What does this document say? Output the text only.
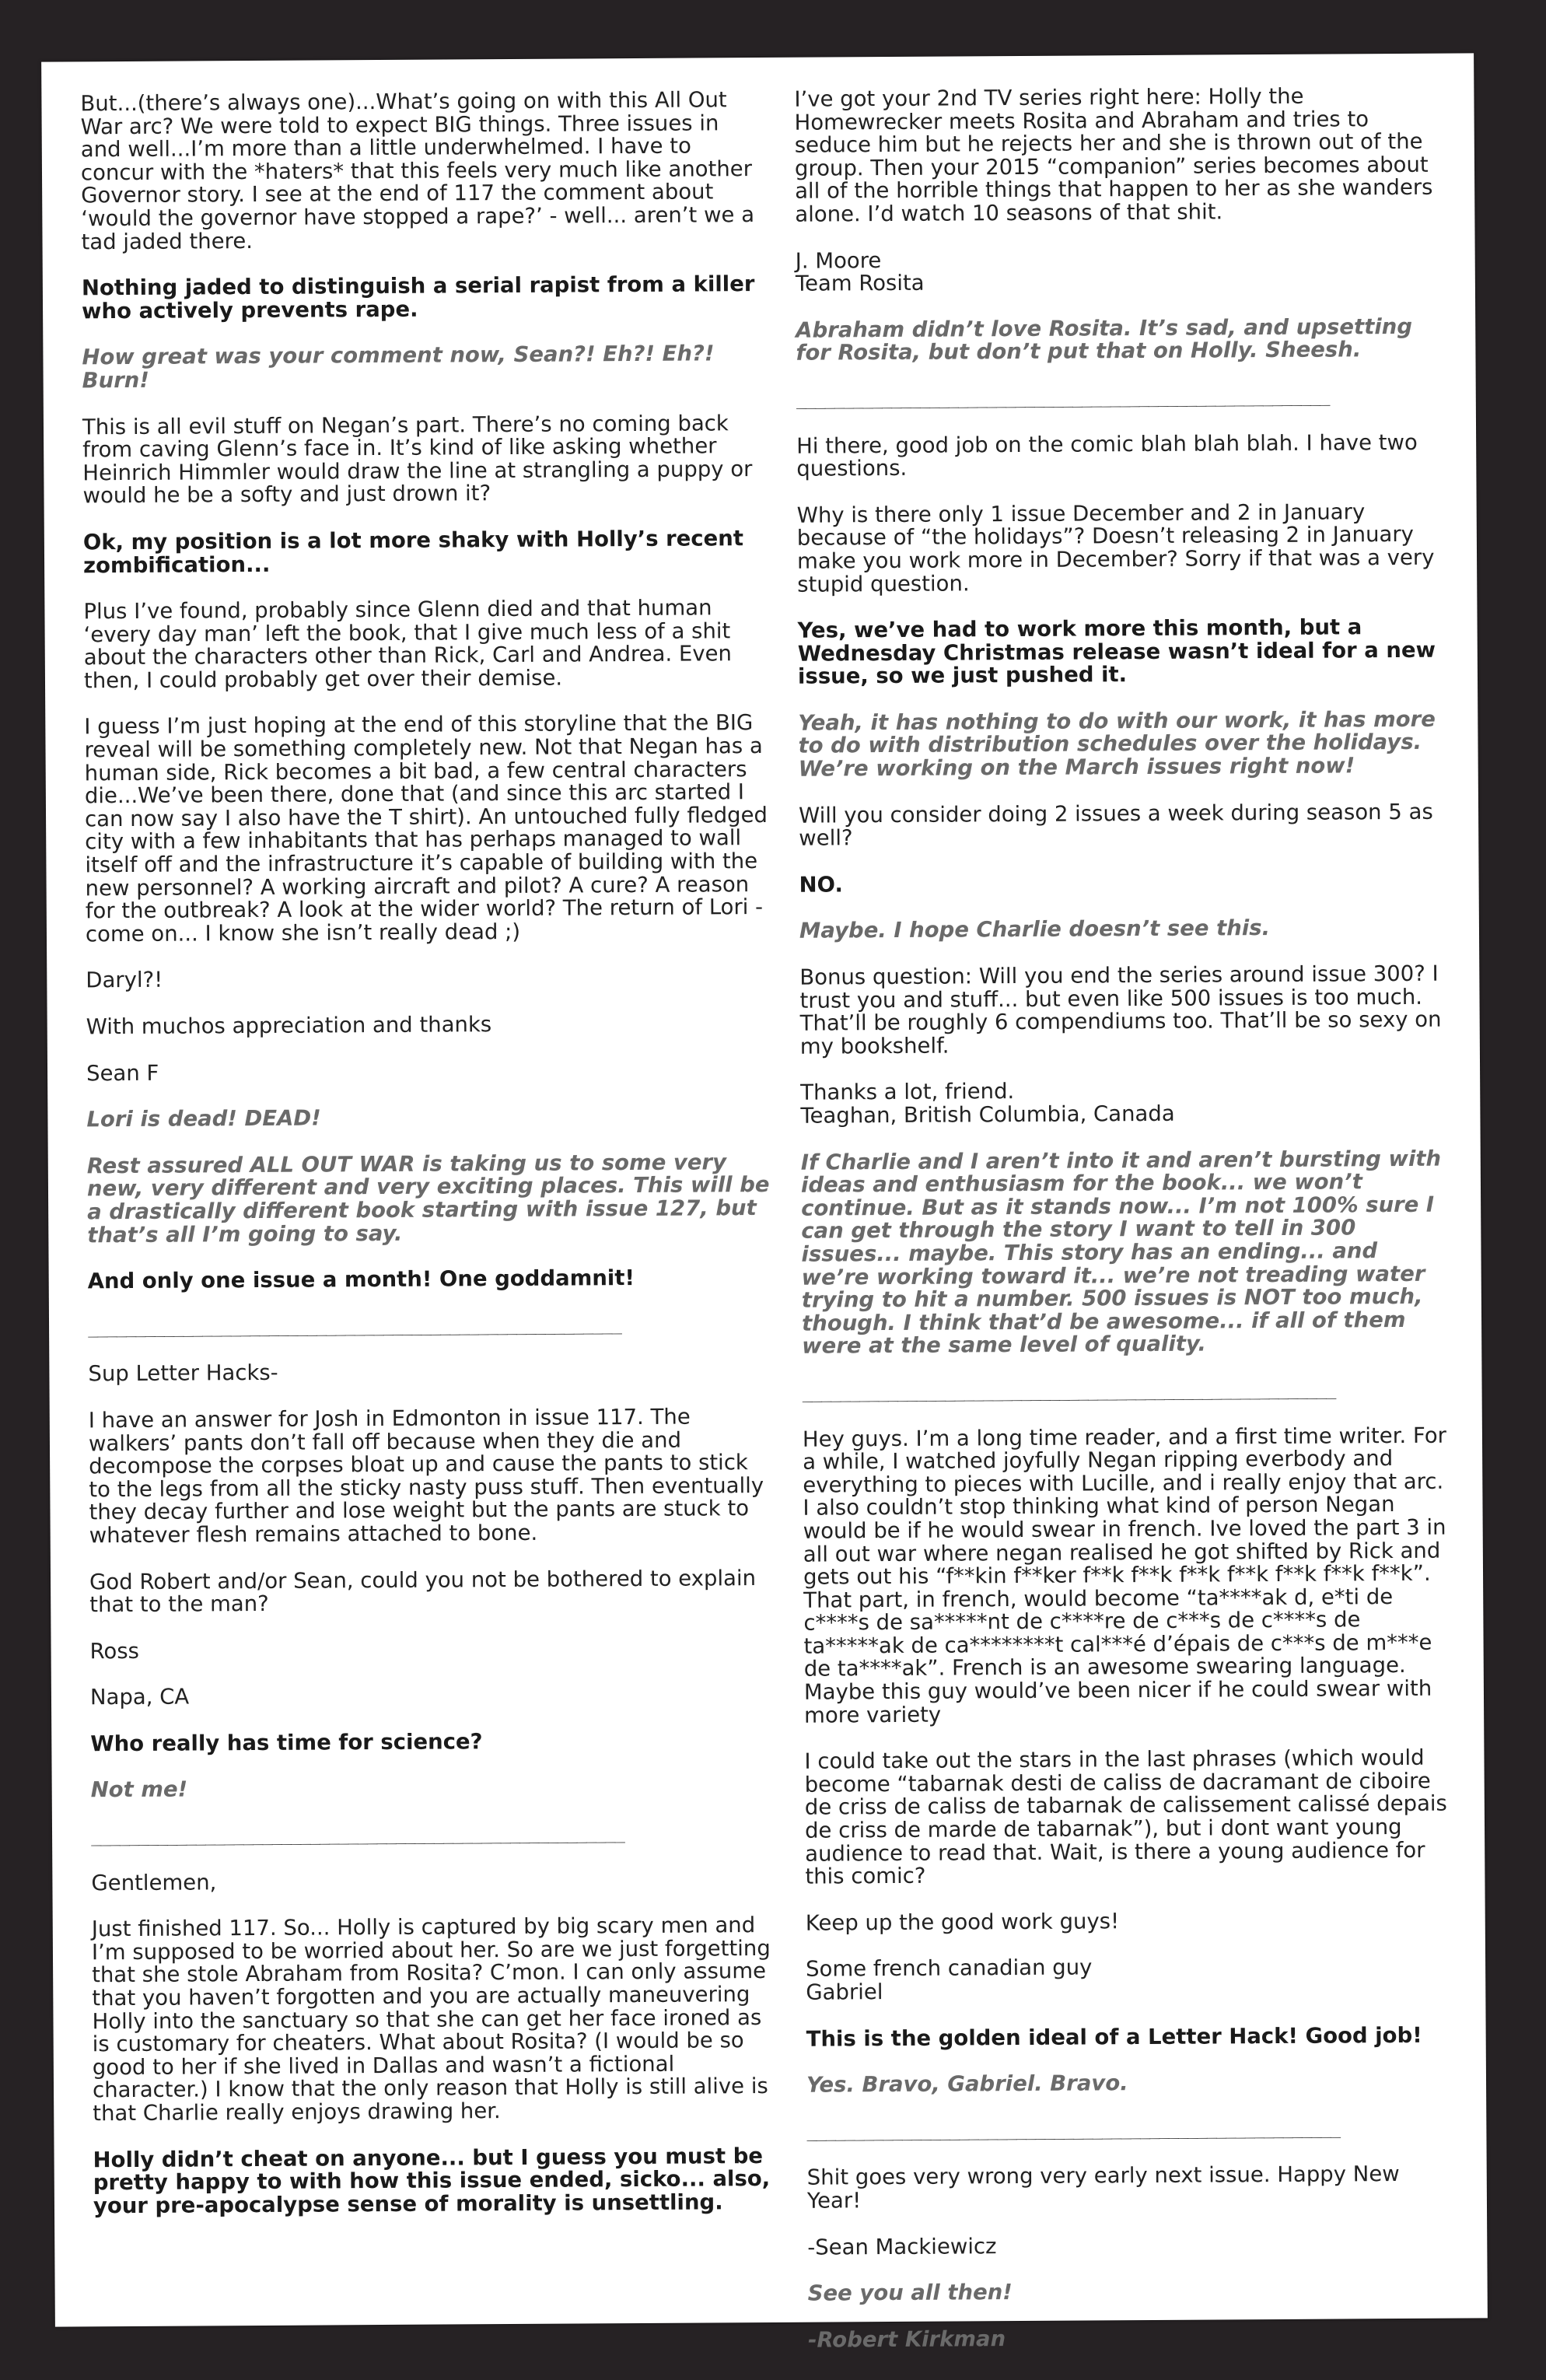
But...(there’s always one)...What’s going on with this All Out War arc? We were told to expect BIG things. Three issues in and well...I’m more than a little underwhelmed. I have to concur with the *haters* that this feels very much like another Governor story. I see at the end of 117 the comment about ‘would the governor have stopped a rape?’ - well... aren’t we a tad jaded there.
Nothing jaded to distinguish a serial rapist from a killer who actively prevents rape.
How great was your comment now, Sean?! Eh?! Eh?! Burn!
This is all evil stuff on Negan’s part. There’s no coming back from caving Glenn’s face in. It’s kind of like asking whether Heinrich Himmler would draw the line at strangling a puppy or would he be a softy and just drown it?
Ok, my position is a lot more shaky with Holly’s recent zombification...
Plus I’ve found, probably since Glenn died and that human ‘every day man’ left the book, that I give much less of a shit about the characters other than Rick, Carl and Andrea. Even then, I could probably get over their demise.
I guess I’m just hoping at the end of this storyline that the BIG reveal will be something completely new. Not that Negan has a human side, Rick becomes a bit bad, a few central characters die...We’ve been there, done that (and since this arc started I can now say I also have the T shirt). An untouched fully fledged city with a few inhabitants that has perhaps managed to wall itself off and the infrastructure it’s capable of building with the new personnel? A working aircraft and pilot? A cure? A reason for the outbreak? A look at the wider world? The return of Lori - come on... I know she isn’t really dead ;)
Daryl?!
With muchos appreciation and thanks
Sean F
Lori is dead! DEAD!
Rest assured ALL OUT WAR is taking us to some very new, very different and very exciting places. This will be a drastically different book starting with issue 127, but that’s all I’m going to say.
And only one issue a month! One goddamnit!
________________________________________________________
Sup Letter Hacks-
I have an answer for Josh in Edmonton in issue 117. The walkers’ pants don’t fall off because when they die and decompose the corpses bloat up and cause the pants to stick to the legs from all the sticky nasty puss stuff. Then eventually they decay further and lose weight but the pants are stuck to whatever flesh remains attached to bone.
God Robert and/or Sean, could you not be bothered to explain that to the man?
Ross
Napa, CA
Who really has time for science?
Not me!
________________________________________________________
Gentlemen,
Just finished 117. So... Holly is captured by big scary men and I’m supposed to be worried about her. So are we just forgetting that she stole Abraham from Rosita? C’mon. I can only assume that you haven’t forgotten and you are actually maneuvering Holly into the sanctuary so that she can get her face ironed as is customary for cheaters. What about Rosita? (I would be so good to her if she lived in Dallas and wasn’t a fictional character.) I know that the only reason that Holly is still alive is that Charlie really enjoys drawing her.
Holly didn’t cheat on anyone... but I guess you must be pretty happy to with how this issue ended, sicko... also, your pre-apocalypse sense of morality is unsettling.
I’ve got your 2nd TV series right here: Holly the Homewrecker meets Rosita and Abraham and tries to seduce him but he rejects her and she is thrown out of the group. Then your 2015 “companion” series becomes about all of the horrible things that happen to her as she wanders alone. I’d watch 10 seasons of that shit.
J. Moore
Team Rosita
Abraham didn’t love Rosita. It’s sad, and upsetting for Rosita, but don’t put that on Holly. Sheesh.
________________________________________________________
Hi there, good job on the comic blah blah blah. I have two questions.
Why is there only 1 issue December and 2 in January because of “the holidays”? Doesn’t releasing 2 in January make you work more in December? Sorry if that was a very stupid question.
Yes, we’ve had to work more this month, but a Wednesday Christmas release wasn’t ideal for a new issue, so we just pushed it.
Yeah, it has nothing to do with our work, it has more to do with distribution schedules over the holidays. We’re working on the March issues right now!
Will you consider doing 2 issues a week during season 5 as well?
NO.
Maybe. I hope Charlie doesn’t see this.
Bonus question: Will you end the series around issue 300? I trust you and stuff... but even like 500 issues is too much. That’ll be roughly 6 compendiums too. That’ll be so sexy on my bookshelf.
Thanks a lot, friend.
Teaghan, British Columbia, Canada
If Charlie and I aren’t into it and aren’t bursting with ideas and enthusiasm for the book... we won’t continue. But as it stands now... I’m not 100% sure I can get through the story I want to tell in 300 issues... maybe. This story has an ending... and we’re working toward it... we’re not treading water trying to hit a number. 500 issues is NOT too much, though. I think that’d be awesome... if all of them were at the same level of quality.
________________________________________________________
Hey guys. I’m a long time reader, and a first time writer. For a while, I watched joyfully Negan ripping everbody and everything to pieces with Lucille, and i really enjoy that arc. I also couldn’t stop thinking what kind of person Negan would be if he would swear in french. Ive loved the part 3 in all out war where negan realised he got shifted by Rick and gets out his “f**kin f**ker f**k f**k f**k f**k f**k f**k f**k”. That part, in french, would become “ta****ak d, e*ti de c****s de sa*****nt de c****re de c***s de c****s de ta*****ak de ca********t cal***é d’épais de c***s de m***e de ta****ak”. French is an awesome swearing language. Maybe this guy would’ve been nicer if he could swear with more variety
I could take out the stars in the last phrases (which would become “tabarnak desti de caliss de dacramant de ciboire de criss de caliss de tabarnak de calissement calissé depais de criss de marde de tabarnak”), but i dont want young audience to read that. Wait, is there a young audience for this comic?
Keep up the good work guys!
Some french canadian guy
Gabriel
This is the golden ideal of a Letter Hack! Good job!
Yes. Bravo, Gabriel. Bravo.
________________________________________________________
Shit goes very wrong very early next issue. Happy New Year!
-Sean Mackiewicz
See you all then!
-Robert Kirkman
